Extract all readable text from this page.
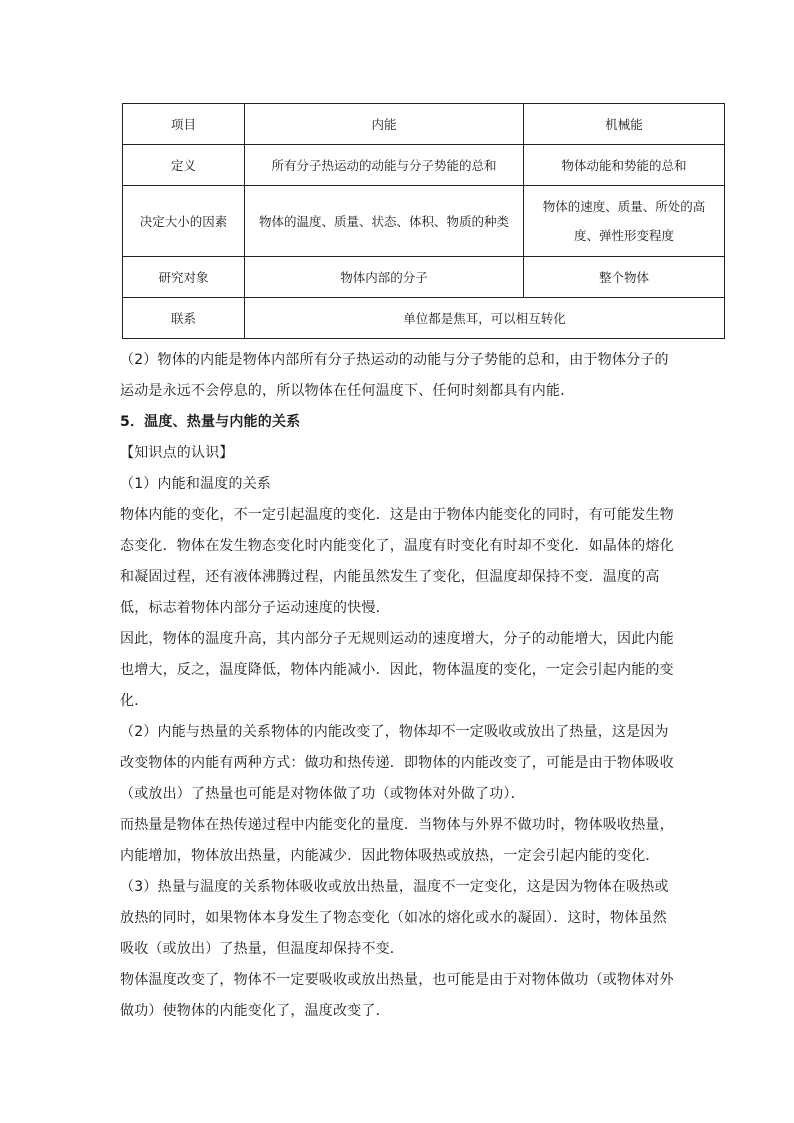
项目	内能	机械能
定义	所有分子热运动的动能与分子势能的总和	物体动能和势能的总和
决定大小的因素	物体的温度、质量、状态、体积、物质的种类	物体的速度、质量、所处的高度、弹性形变程度
研究对象	物体内部的分子	整个物体
联系	单位都是焦耳，可以相互转化	

（2）物体的内能是物体内部所有分子热运动的动能与分子势能的总和，由于物体分子的运动是永远不会停息的，所以物体在任何温度下、任何时刻都具有内能．

5．温度、热量与内能的关系

【知识点的认识】

（1）内能和温度的关系

物体内能的变化，不一定引起温度的变化．这是由于物体内能变化的同时，有可能发生物态变化．物体在发生物态变化时内能变化了，温度有时变化有时却不变化．如晶体的熔化和凝固过程，还有液体沸腾过程，内能虽然发生了变化，但温度却保持不变．温度的高低，标志着物体内部分子运动速度的快慢．

因此，物体的温度升高，其内部分子无规则运动的速度增大，分子的动能增大，因此内能也增大，反之，温度降低，物体内能减小．因此，物体温度的变化，一定会引起内能的变化．

（2）内能与热量的关系物体的内能改变了，物体却不一定吸收或放出了热量，这是因为改变物体的内能有两种方式：做功和热传递．即物体的内能改变了，可能是由于物体吸收（或放出）了热量也可能是对物体做了功（或物体对外做了功）．

而热量是物体在热传递过程中内能变化的量度．当物体与外界不做功时，物体吸收热量，内能增加，物体放出热量，内能减少．因此物体吸热或放热，一定会引起内能的变化．

（3）热量与温度的关系物体吸收或放出热量，温度不一定变化，这是因为物体在吸热或放热的同时，如果物体本身发生了物态变化（如冰的熔化或水的凝固）．这时，物体虽然吸收（或放出）了热量，但温度却保持不变．

物体温度改变了，物体不一定要吸收或放出热量，也可能是由于对物体做功（或物体对外做功）使物体的内能变化了，温度改变了．
